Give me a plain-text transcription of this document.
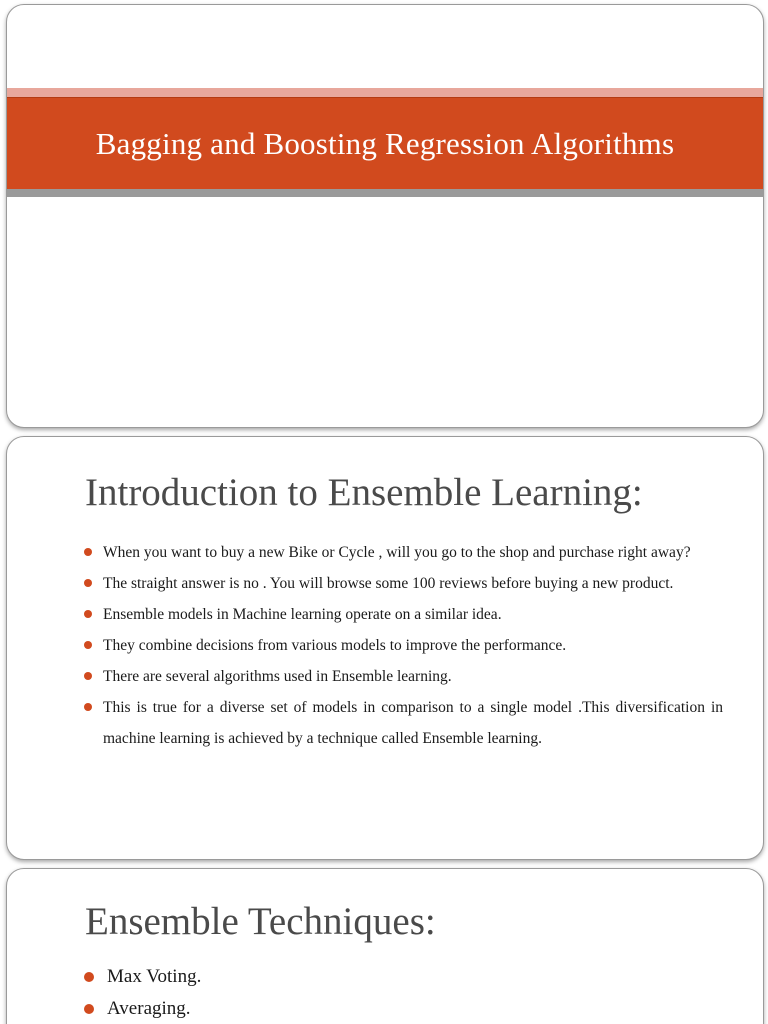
Bagging and Boosting Regression Algorithms
Introduction to Ensemble Learning:
When you want to buy a new Bike or Cycle , will you go to the shop and purchase right away?
The straight answer is no . You will browse some 100 reviews before buying a new product.
Ensemble models in Machine learning operate on a similar idea.
They combine decisions from various models to improve the performance.
There are several algorithms used in Ensemble learning.
This is true for a diverse set of models in comparison to a single model .This diversification in machine learning is achieved by a technique called Ensemble learning.
Ensemble Techniques:
Max Voting.
Averaging.
